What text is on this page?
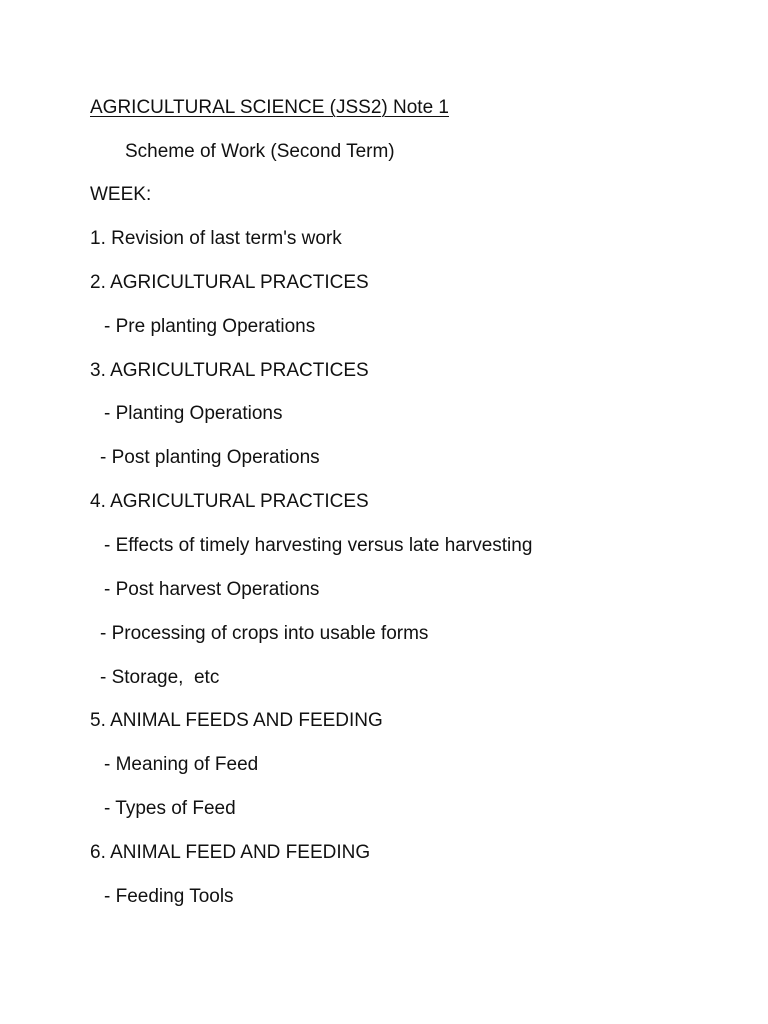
AGRICULTURAL SCIENCE (JSS2) Note 1
Scheme of Work (Second Term)
WEEK:
1. Revision of last term's work
2. AGRICULTURAL PRACTICES
- Pre planting Operations
3. AGRICULTURAL PRACTICES
- Planting Operations
- Post planting Operations
4. AGRICULTURAL PRACTICES
- Effects of timely harvesting versus late harvesting
- Post harvest Operations
- Processing of crops into usable forms
- Storage,  etc
5. ANIMAL FEEDS AND FEEDING
- Meaning of Feed
- Types of Feed
6. ANIMAL FEED AND FEEDING
- Feeding Tools
